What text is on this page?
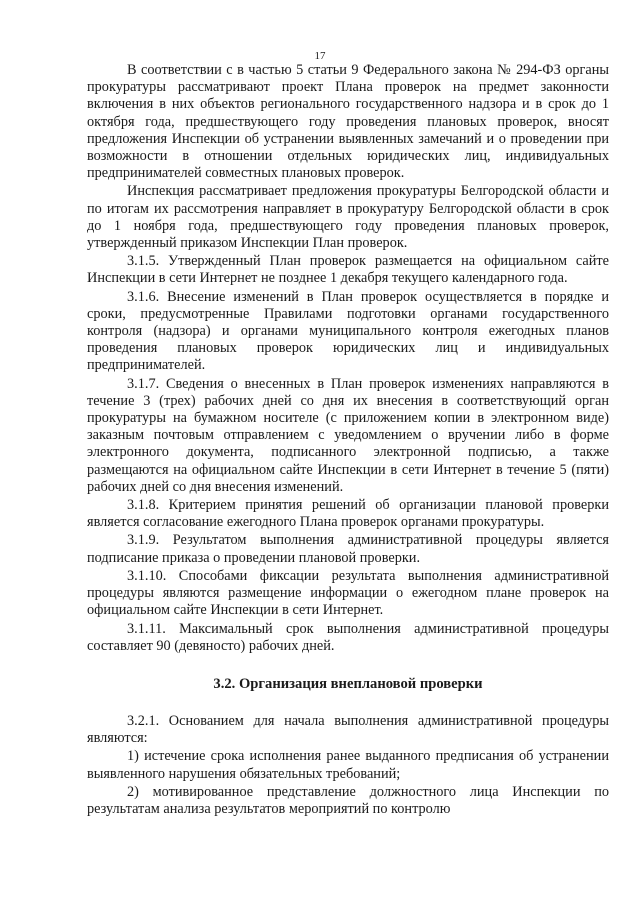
17

В соответствии с в частью 5 статьи 9 Федерального закона № 294-ФЗ органы прокуратуры рассматривают проект Плана проверок на предмет законности включения в них объектов регионального государственного надзора и в срок до 1 октября года, предшествующего году проведения плановых проверок, вносят предложения Инспекции об устранении выявленных замечаний и о проведении при возможности в отношении отдельных юридических лиц, индивидуальных предпринимателей совместных плановых проверок.

Инспекция рассматривает предложения прокуратуры Белгородской области и по итогам их рассмотрения направляет в прокуратуру Белгородской области в срок до 1 ноября года, предшествующего году проведения плановых проверок, утвержденный приказом Инспекции План проверок.

3.1.5. Утвержденный План проверок размещается на официальном сайте Инспекции в сети Интернет не позднее 1 декабря текущего календарного года.

3.1.6. Внесение изменений в План проверок осуществляется в порядке и сроки, предусмотренные Правилами подготовки органами государственного контроля (надзора) и органами муниципального контроля ежегодных планов проведения плановых проверок юридических лиц и индивидуальных предпринимателей.

3.1.7. Сведения о внесенных в План проверок изменениях направляются в течение 3 (трех) рабочих дней со дня их внесения в соответствующий орган прокуратуры на бумажном носителе (с приложением копии в электронном виде) заказным почтовым отправлением с уведомлением о вручении либо в форме электронного документа, подписанного электронной подписью, а также размещаются на официальном сайте Инспекции в сети Интернет в течение 5 (пяти) рабочих дней со дня внесения изменений.

3.1.8. Критерием принятия решений об организации плановой проверки является согласование ежегодного Плана проверок органами прокуратуры.

3.1.9. Результатом выполнения административной процедуры является подписание приказа о проведении плановой проверки.

3.1.10. Способами фиксации результата выполнения административной процедуры являются размещение информации о ежегодном плане проверок на официальном сайте Инспекции в сети Интернет.

3.1.11. Максимальный срок выполнения административной процедуры составляет 90 (девяносто) рабочих дней.

3.2. Организация внеплановой проверки

3.2.1. Основанием для начала выполнения административной процедуры являются:

1) истечение срока исполнения ранее выданного предписания об устранении выявленного нарушения обязательных требований;

2) мотивированное представление должностного лица Инспекции по результатам анализа результатов мероприятий по контролю
